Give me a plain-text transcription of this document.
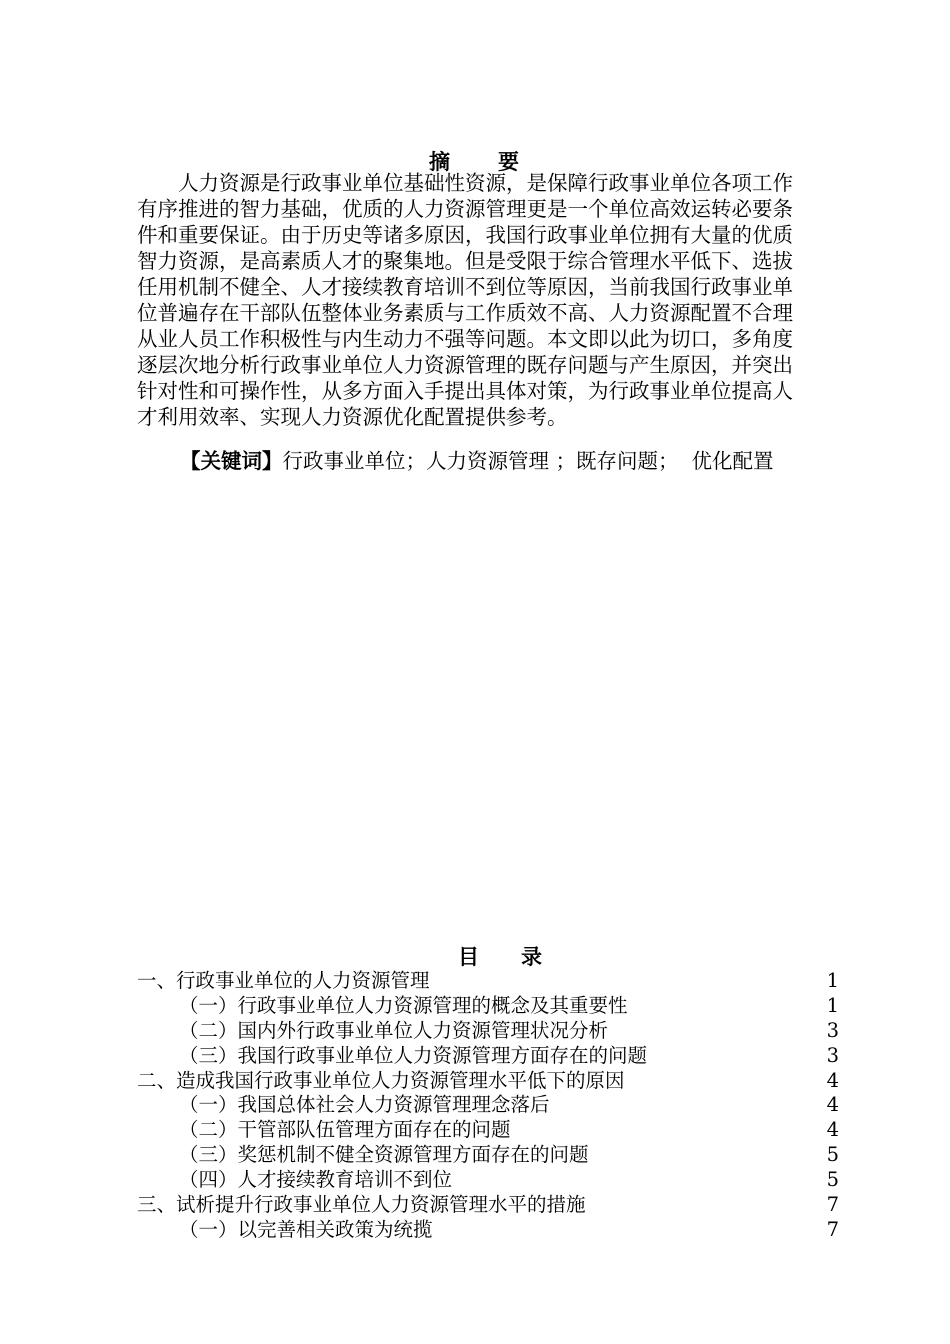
摘　　要
　　人力资源是行政事业单位基础性资源，是保障行政事业单位各项工作
有序推进的智力基础，优质的人力资源管理更是一个单位高效运转必要条
件和重要保证。由于历史等诸多原因，我国行政事业单位拥有大量的优质
智力资源，是高素质人才的聚集地。但是受限于综合管理水平低下、选拔
任用机制不健全、人才接续教育培训不到位等原因，当前我国行政事业单
位普遍存在干部队伍整体业务素质与工作质效不高、人力资源配置不合理
从业人员工作积极性与内生动力不强等问题。本文即以此为切口，多角度
逐层次地分析行政事业单位人力资源管理的既存问题与产生原因，并突出
针对性和可操作性，从多方面入手提出具体对策，为行政事业单位提高人
才利用效率、实现人力资源优化配置提供参考。
【关键词】行政事业单位；人力资源管理 ；既存问题；  优化配置
目　　录
一、行政事业单位的人力资源管理	1
（一）行政事业单位人力资源管理的概念及其重要性	1
（二）国内外行政事业单位人力资源管理状况分析	3
（三）我国行政事业单位人力资源管理方面存在的问题	3
二、造成我国行政事业单位人力资源管理水平低下的原因	4
（一）我国总体社会人力资源管理理念落后	4
（二）干管部队伍管理方面存在的问题	4
（三）奖惩机制不健全资源管理方面存在的问题	5
（四）人才接续教育培训不到位	5
三、试析提升行政事业单位人力资源管理水平的措施	7
（一）以完善相关政策为统揽	7
